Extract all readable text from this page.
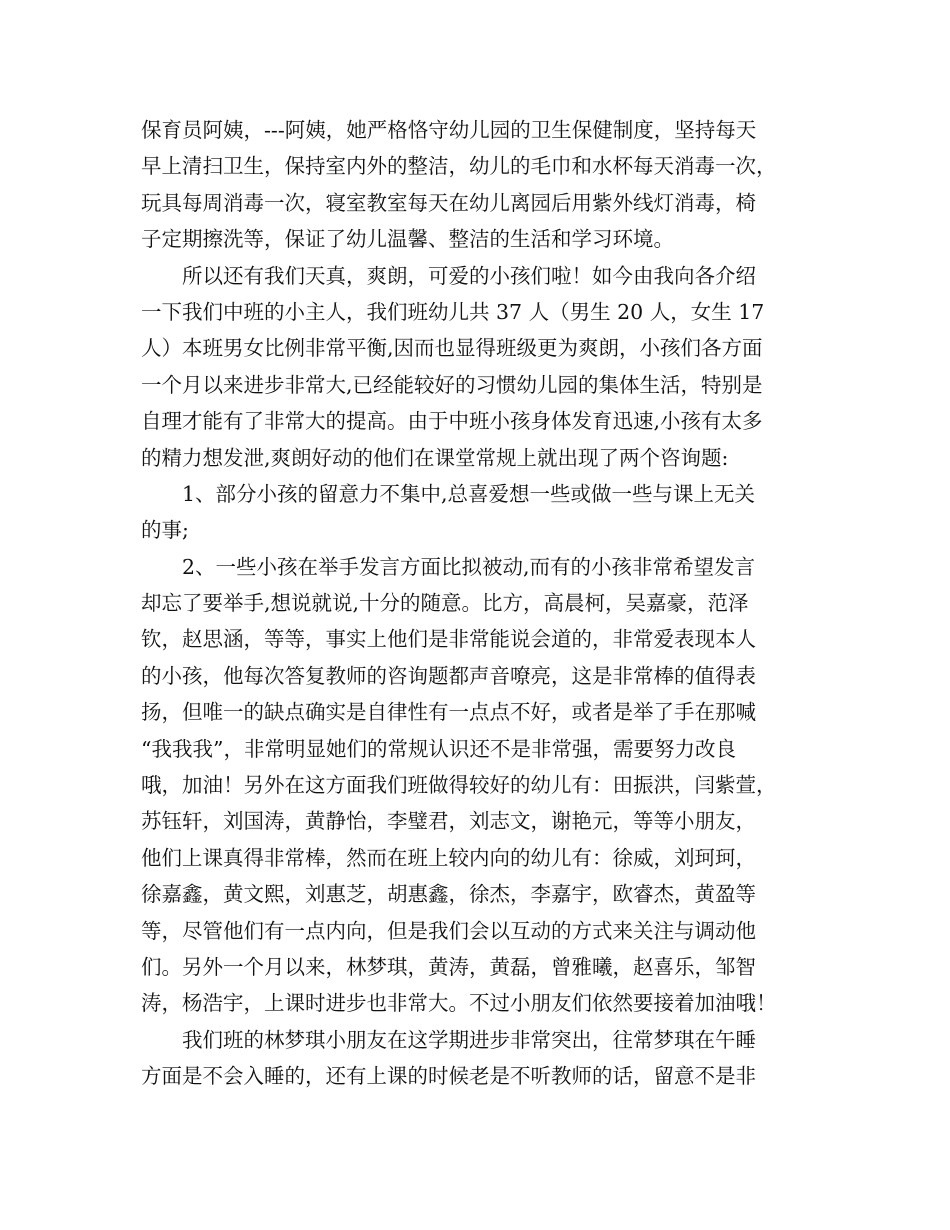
保育员阿姨，---阿姨，她严格恪守幼儿园的卫生保健制度，坚持每天
早上清扫卫生，保持室内外的整洁，幼儿的毛巾和水杯每天消毒一次，
玩具每周消毒一次，寝室教室每天在幼儿离园后用紫外线灯消毒，椅
子定期擦洗等，保证了幼儿温馨、整洁的生活和学习环境。
所以还有我们天真，爽朗，可爱的小孩们啦！如今由我向各介绍
一下我们中班的小主人，我们班幼儿共 37 人（男生 20 人，女生 17
人）本班男女比例非常平衡,因而也显得班级更为爽朗，小孩们各方面
一个月以来进步非常大,已经能较好的习惯幼儿园的集体生活，特别是
自理才能有了非常大的提高。由于中班小孩身体发育迅速,小孩有太多
的精力想发泄,爽朗好动的他们在课堂常规上就出现了两个咨询题:
1、部分小孩的留意力不集中,总喜爱想一些或做一些与课上无关
的事;
2、一些小孩在举手发言方面比拟被动,而有的小孩非常希望发言
却忘了要举手,想说就说,十分的随意。比方，高晨柯，吴嘉豪，范泽
钦，赵思涵，等等，事实上他们是非常能说会道的，非常爱表现本人
的小孩，他每次答复教师的咨询题都声音嘹亮，这是非常棒的值得表
扬，但唯一的缺点确实是自律性有一点点不好，或者是举了手在那喊
“我我我”，非常明显她们的常规认识还不是非常强，需要努力改良
哦，加油！另外在这方面我们班做得较好的幼儿有：田振洪，闫紫萱，
苏钰轩，刘国涛，黄静怡，李璧君，刘志文，谢艳元，等等小朋友，
他们上课真得非常棒，然而在班上较内向的幼儿有：徐威，刘珂珂，
徐嘉鑫，黄文熙，刘惠芝，胡惠鑫，徐杰，李嘉宇，欧睿杰，黄盈等
等，尽管他们有一点内向，但是我们会以互动的方式来关注与调动他
们。另外一个月以来，林梦琪，黄涛，黄磊，曾雅曦，赵喜乐，邹智
涛，杨浩宇，上课时进步也非常大。不过小朋友们依然要接着加油哦！
我们班的林梦琪小朋友在这学期进步非常突出，往常梦琪在午睡
方面是不会入睡的，还有上课的时候老是不听教师的话，留意不是非
